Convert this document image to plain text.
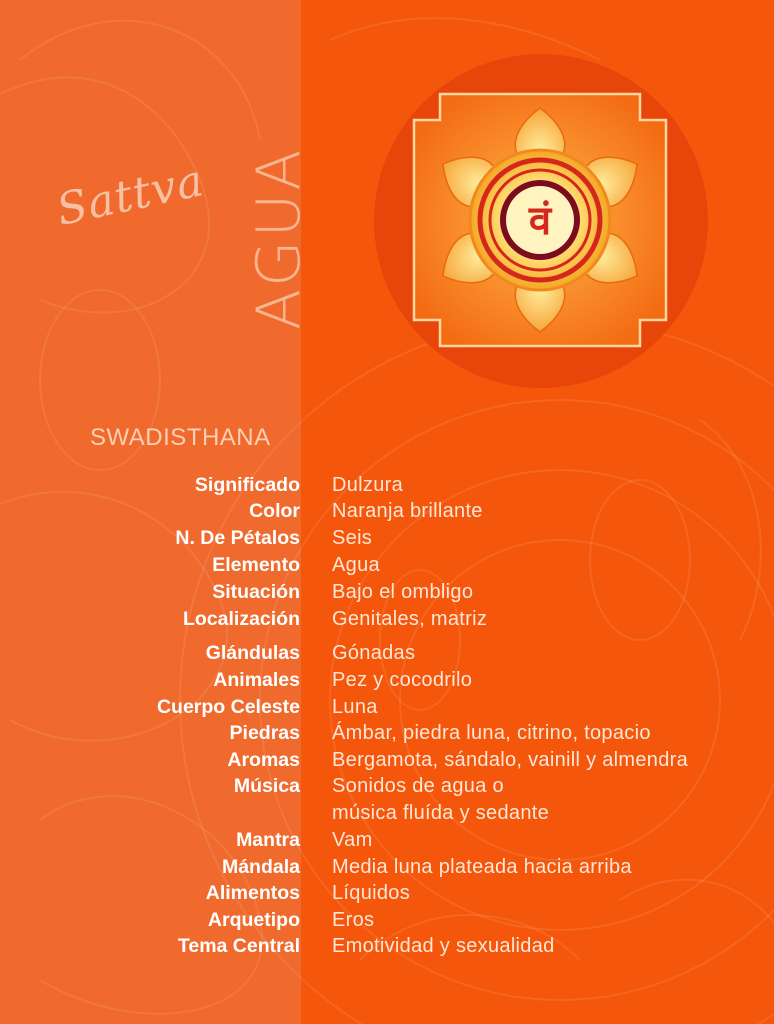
Sattva AGUA	वं
SWADISTHANA
Significado Dulzura
Color Naranja brillante
N. De Pétalos Seis
Elemento Agua
Situación Bajo el ombligo
Localización Genitales, matriz
Glándulas Gónadas
Animales Pez y cocodrilo
Cuerpo Celeste Luna
Piedras Ámbar, piedra luna, citrino, topacio
Aromas Bergamota, sándalo, vainill y almendra
Música Sonidos de agua o
música fluída y sedante
Mantra Vam
Mándala Media luna plateada hacia arriba
Alimentos Líquidos
Arquetipo Eros
Tema Central Emotividad y sexualidad
